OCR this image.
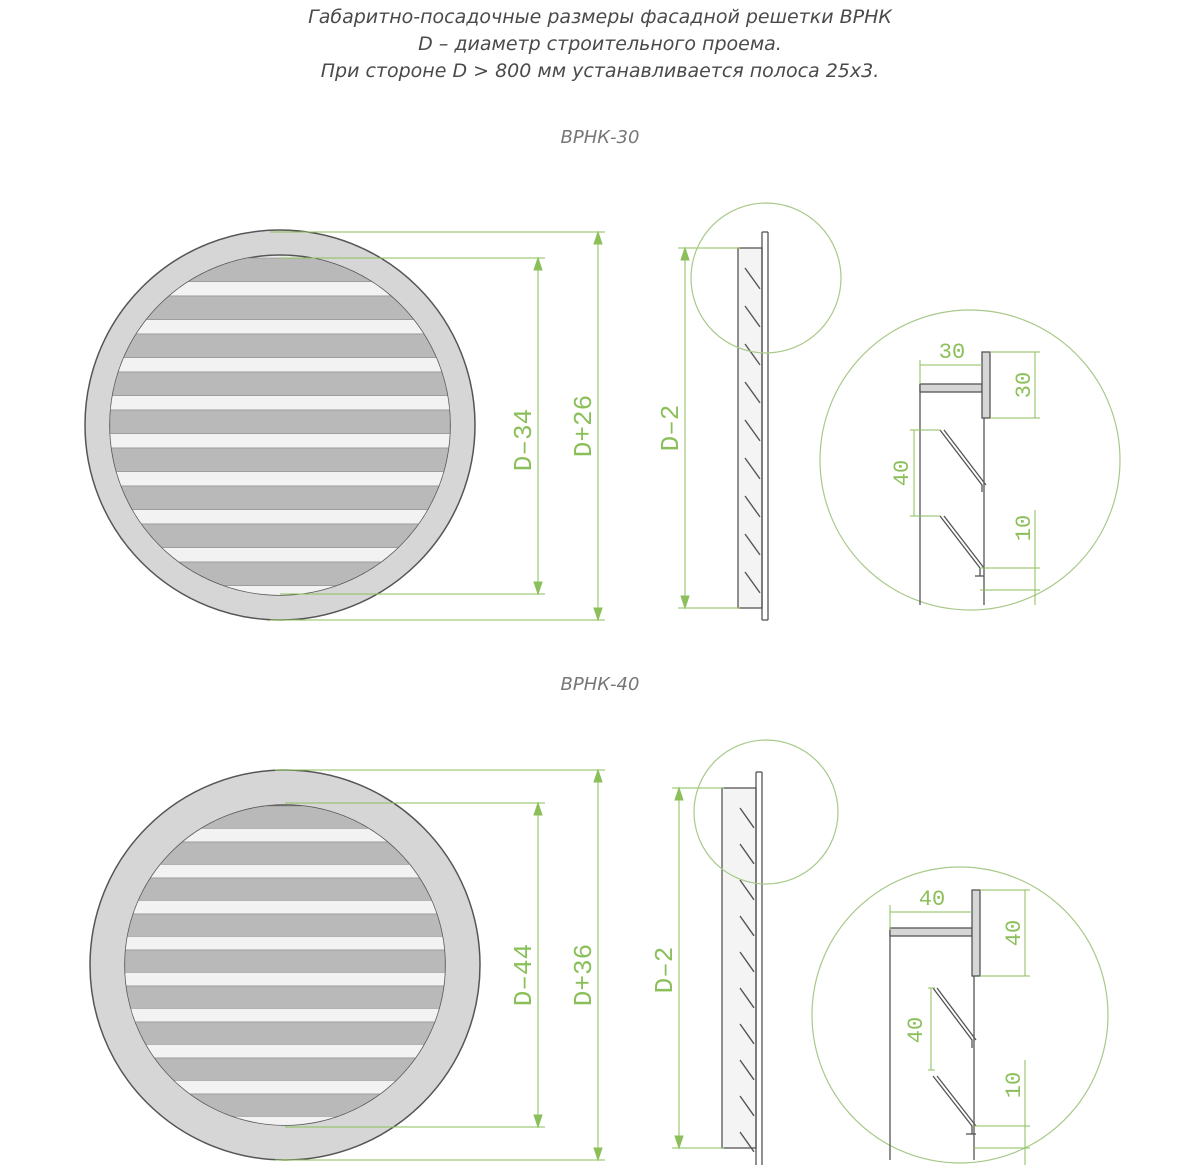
Габаритно-посадочные размеры фасадной решетки ВРНК
D – диаметр строительного проема.
При стороне D > 800 мм устанавливается полоса 25х3.
ВРНК-30
ВРНК-40
D–34 D+26 D–2
30
30
40
10
D–44 D+36 D–2
40
40
40
10
